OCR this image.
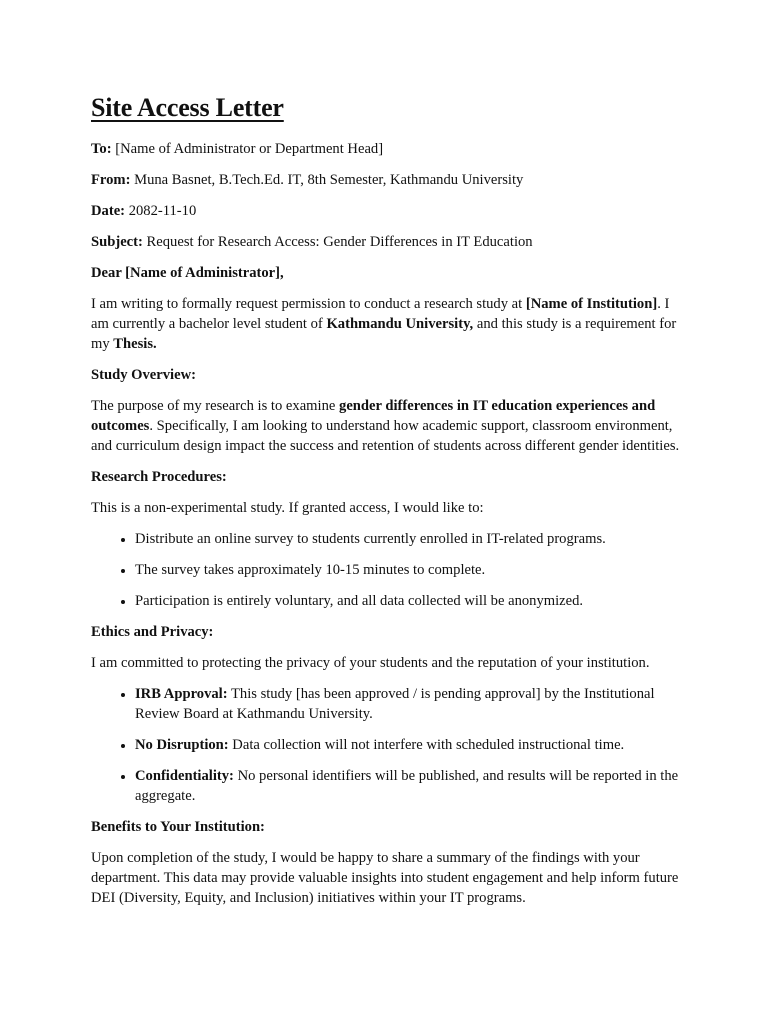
Site Access Letter

To: [Name of Administrator or Department Head]

From: Muna Basnet, B.Tech.Ed. IT, 8th Semester, Kathmandu University

Date: 2082-11-10

Subject: Request for Research Access: Gender Differences in IT Education

Dear [Name of Administrator],

I am writing to formally request permission to conduct a research study at [Name of Institution]. I am currently a bachelor level student of Kathmandu University, and this study is a requirement for my Thesis.

Study Overview:

The purpose of my research is to examine gender differences in IT education experiences and outcomes. Specifically, I am looking to understand how academic support, classroom environment, and curriculum design impact the success and retention of students across different gender identities.

Research Procedures:

This is a non-experimental study. If granted access, I would like to:

• Distribute an online survey to students currently enrolled in IT-related programs.
• The survey takes approximately 10-15 minutes to complete.
• Participation is entirely voluntary, and all data collected will be anonymized.

Ethics and Privacy:

I am committed to protecting the privacy of your students and the reputation of your institution.

• IRB Approval: This study [has been approved / is pending approval] by the Institutional Review Board at Kathmandu University.
• No Disruption: Data collection will not interfere with scheduled instructional time.
• Confidentiality: No personal identifiers will be published, and results will be reported in the aggregate.

Benefits to Your Institution:

Upon completion of the study, I would be happy to share a summary of the findings with your department. This data may provide valuable insights into student engagement and help inform future DEI (Diversity, Equity, and Inclusion) initiatives within your IT programs.
